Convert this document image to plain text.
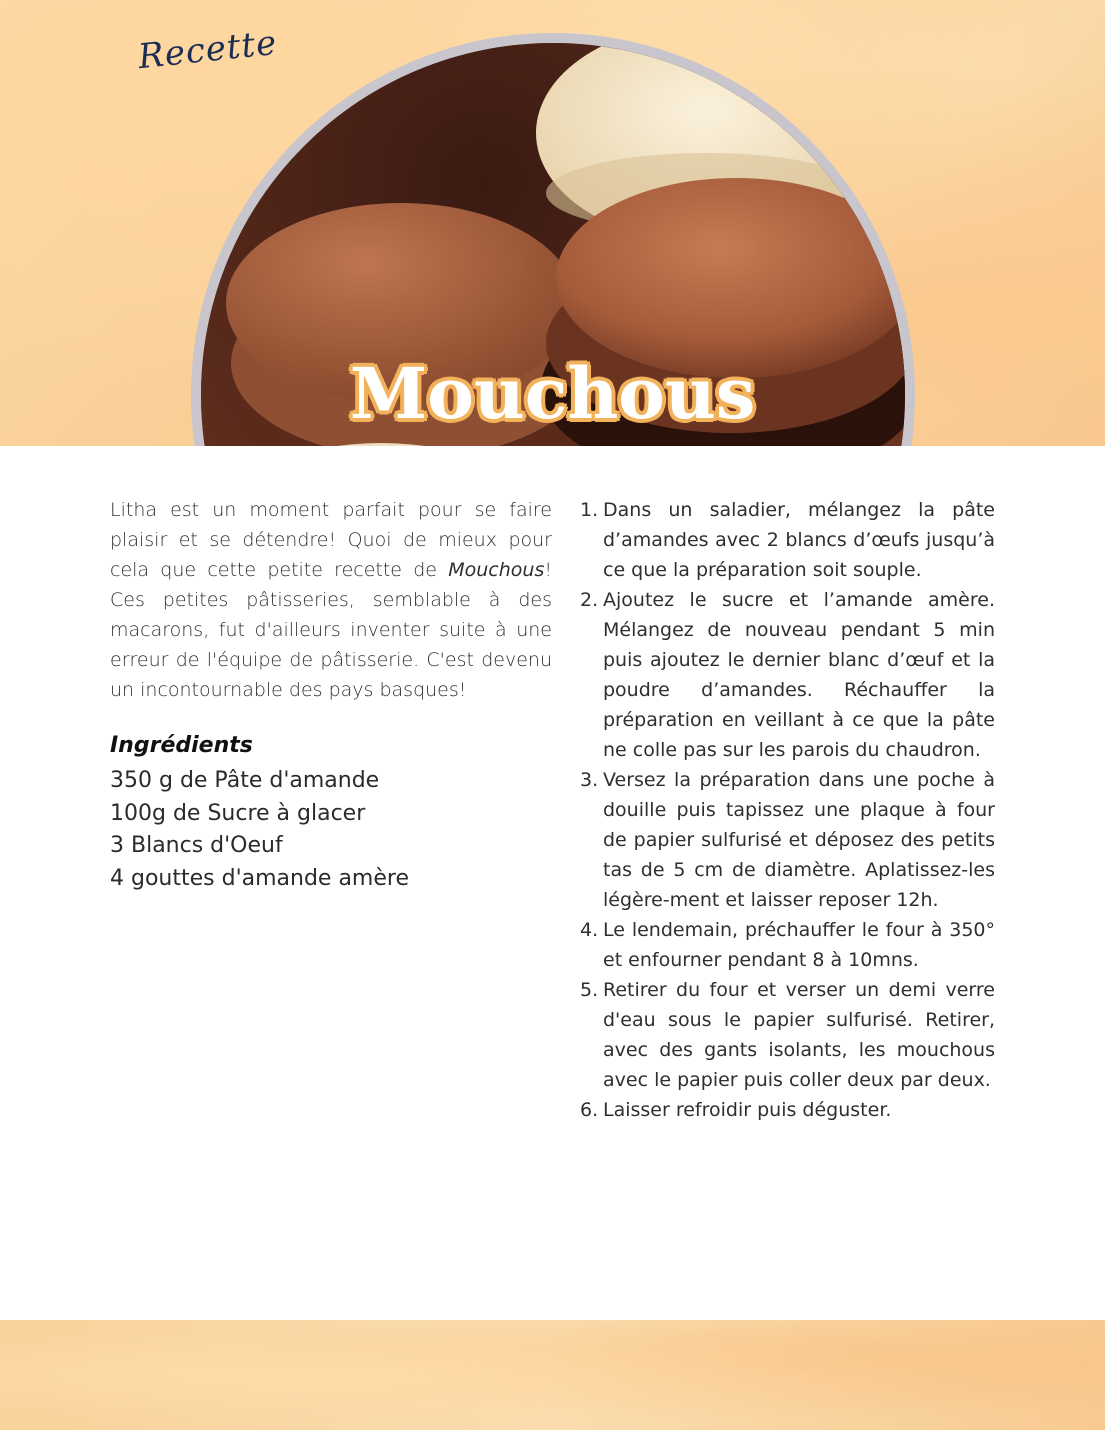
Recette
Mouchous

Litha est un moment parfait pour se faire plaisir et se détendre! Quoi de mieux pour cela que cette petite recette de Mouchous! Ces petites pâtisseries, semblable à des macarons, fut d'ailleurs inventer suite à une erreur de l'équipe de pâtisserie. C'est devenu un incontournable des pays basques!

Ingrédients
350 g de Pâte d'amande
100g de Sucre à glacer
3 Blancs d'Oeuf
4 gouttes d'amande amère
1. Dans un saladier, mélangez la pâte d’amandes avec 2 blancs d’œufs jusqu’à ce que la préparation soit souple.
2. Ajoutez le sucre et l’amande amère. Mélangez de nouveau pendant 5 min puis ajoutez le dernier blanc d’œuf et la poudre d’amandes. Réchauffer la préparation en veillant à ce que la pâte ne colle pas sur les parois du chaudron.
3. Versez la préparation dans une poche à douille puis tapissez une plaque à four de papier sulfurisé et déposez des petits tas de 5 cm de diamètre. Aplatissez-les légère-ment et laisser reposer 12h.
4. Le lendemain, préchauffer le four à 350° et enfourner pendant 8 à 10mns.
5. Retirer du four et verser un demi verre d'eau sous le papier sulfurisé. Retirer, avec des gants isolants, les mouchous avec le papier puis coller deux par deux.
6. Laisser refroidir puis déguster.
